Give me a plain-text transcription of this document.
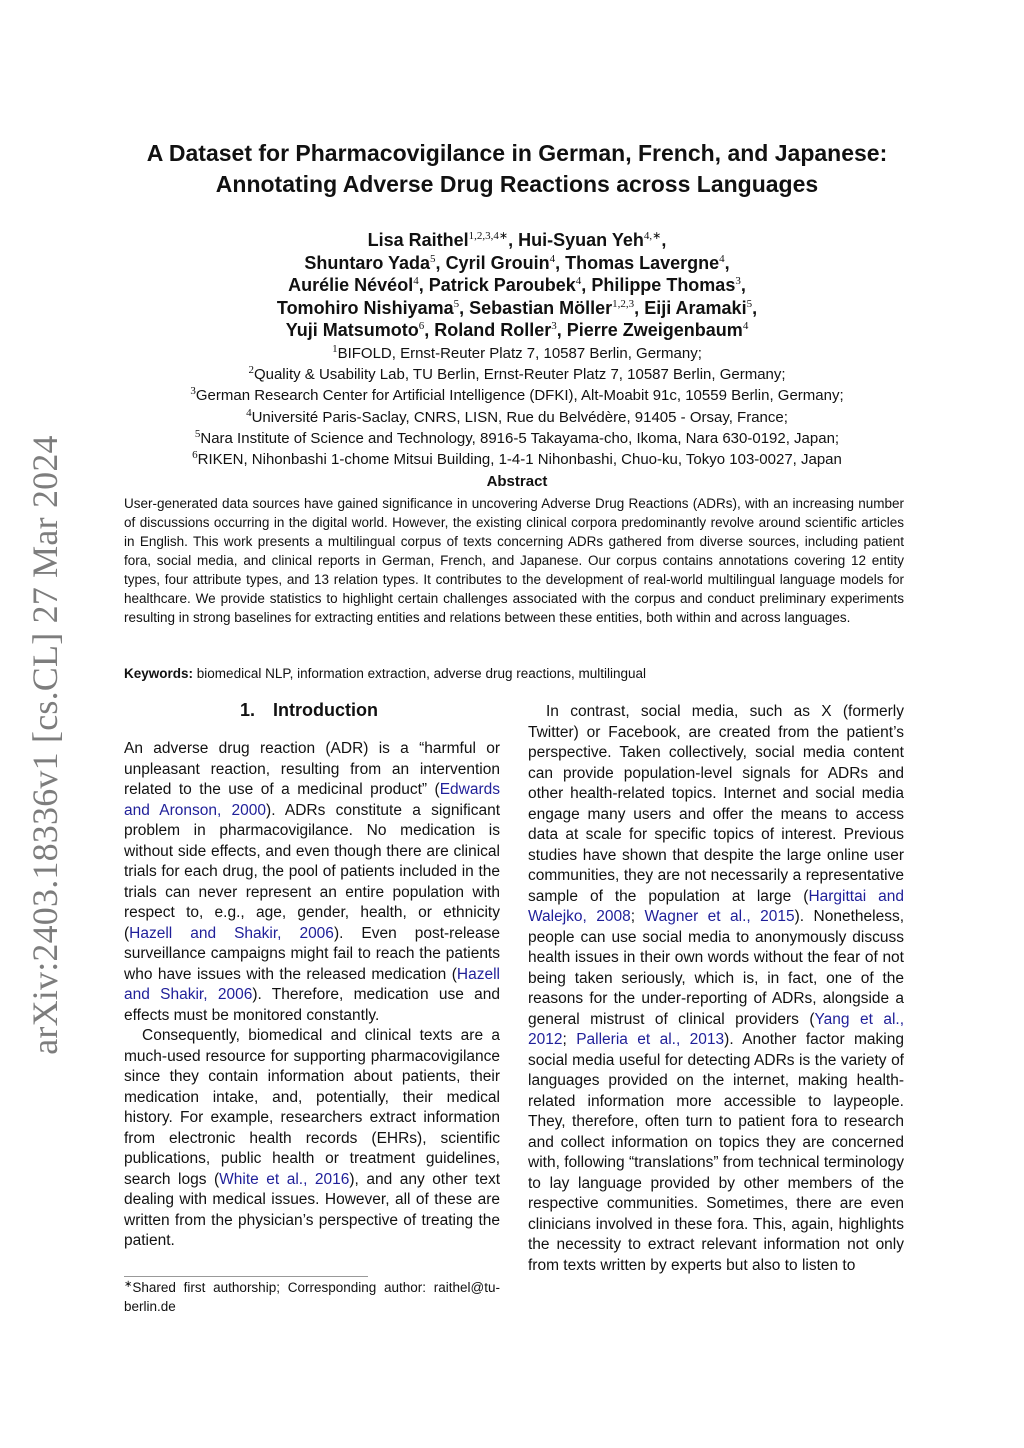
arXiv:2403.18336v1 [cs.CL] 27 Mar 2024
A Dataset for Pharmacovigilance in German, French, and Japanese:
Annotating Adverse Drug Reactions across Languages
Lisa Raithel$^{1,2,3,4∗}$, Hui-Syuan Yeh$^{4,∗}$,
Shuntaro Yada$^5$, Cyril Grouin$^4$, Thomas Lavergne$^4$,
Aurélie Névéol$^4$, Patrick Paroubek$^4$, Philippe Thomas$^3$,
Tomohiro Nishiyama$^5$, Sebastian Möller$^{1,2,3}$, Eiji Aramaki$^5$,
Yuji Matsumoto$^6$, Roland Roller$^3$, Pierre Zweigenbaum$^4$
$^1$BIFOLD, Ernst-Reuter Platz 7, 10587 Berlin, Germany;
$^2$Quality & Usability Lab, TU Berlin, Ernst-Reuter Platz 7, 10587 Berlin, Germany;
$^3$German Research Center for Artificial Intelligence (DFKI), Alt-Moabit 91c, 10559 Berlin, Germany;
$^4$Université Paris-Saclay, CNRS, LISN, Rue du Belvédère, 91405 - Orsay, France;
$^5$Nara Institute of Science and Technology, 8916-5 Takayama-cho, Ikoma, Nara 630-0192, Japan;
$^6$RIKEN, Nihonbashi 1-chome Mitsui Building, 1-4-1 Nihonbashi, Chuo-ku, Tokyo 103-0027, Japan
Abstract
User-generated data sources have gained significance in uncovering Adverse Drug Reactions (ADRs), with an increasing number of discussions occurring in the digital world. However, the existing clinical corpora predominantly revolve around scientific articles in English. This work presents a multilingual corpus of texts concerning ADRs gathered from diverse sources, including patient fora, social media, and clinical reports in German, French, and Japanese. Our corpus contains annotations covering 12 entity types, four attribute types, and 13 relation types. It contributes to the development of real-world multilingual language models for healthcare. We provide statistics to highlight certain challenges associated with the corpus and conduct preliminary experiments resulting in strong baselines for extracting entities and relations between these entities, both within and across languages.
Keywords: biomedical NLP, information extraction, adverse drug reactions, multilingual
1. Introduction

An adverse drug reaction (ADR) is a “harmful or unpleasant reaction, resulting from an intervention related to the use of a medicinal product” (Edwards and Aronson, 2000). ADRs constitute a significant problem in pharmacovigilance. No medication is without side effects, and even though there are clinical trials for each drug, the pool of patients included in the trials can never represent an entire population with respect to, e.g., age, gender, health, or ethnicity (Hazell and Shakir, 2006). Even post-release surveillance campaigns might fail to reach the patients who have issues with the released medication (Hazell and Shakir, 2006). Therefore, medication use and effects must be monitored constantly.

Consequently, biomedical and clinical texts are a much-used resource for supporting pharmacovigilance since they contain information about patients, their medication intake, and, potentially, their medical history. For example, researchers extract information from electronic health records (EHRs), scientific publications, public health or treatment guidelines, search logs (White et al., 2016), and any other text dealing with medical issues. However, all of these are written from the physician’s perspective of treating the patient.

In contrast, social media, such as X (formerly Twitter) or Facebook, are created from the patient’s perspective. Taken collectively, social media content can provide population-level signals for ADRs and other health-related topics. Internet and social media engage many users and offer the means to access data at scale for specific topics of interest. Previous studies have shown that despite the large online user communities, they are not necessarily a representative sample of the population at large (Hargittai and Walejko, 2008; Wagner et al., 2015). Nonetheless, people can use social media to anonymously discuss health issues in their own words without the fear of not being taken seriously, which is, in fact, one of the reasons for the under-reporting of ADRs, alongside a general mistrust of clinical providers (Yang et al., 2012; Palleria et al., 2013). Another factor making social media useful for detecting ADRs is the variety of languages provided on the internet, making health-related information more accessible to laypeople. They, therefore, often turn to patient fora to research and collect information on topics they are concerned with, following “translations” from technical terminology to lay language provided by other members of the respective communities. Sometimes, there are even clinicians involved in these fora. This, again, highlights the necessity to extract relevant information not only from texts written by experts but also to listen to

∗Shared first authorship; Corresponding author: raithel@tu-berlin.de
